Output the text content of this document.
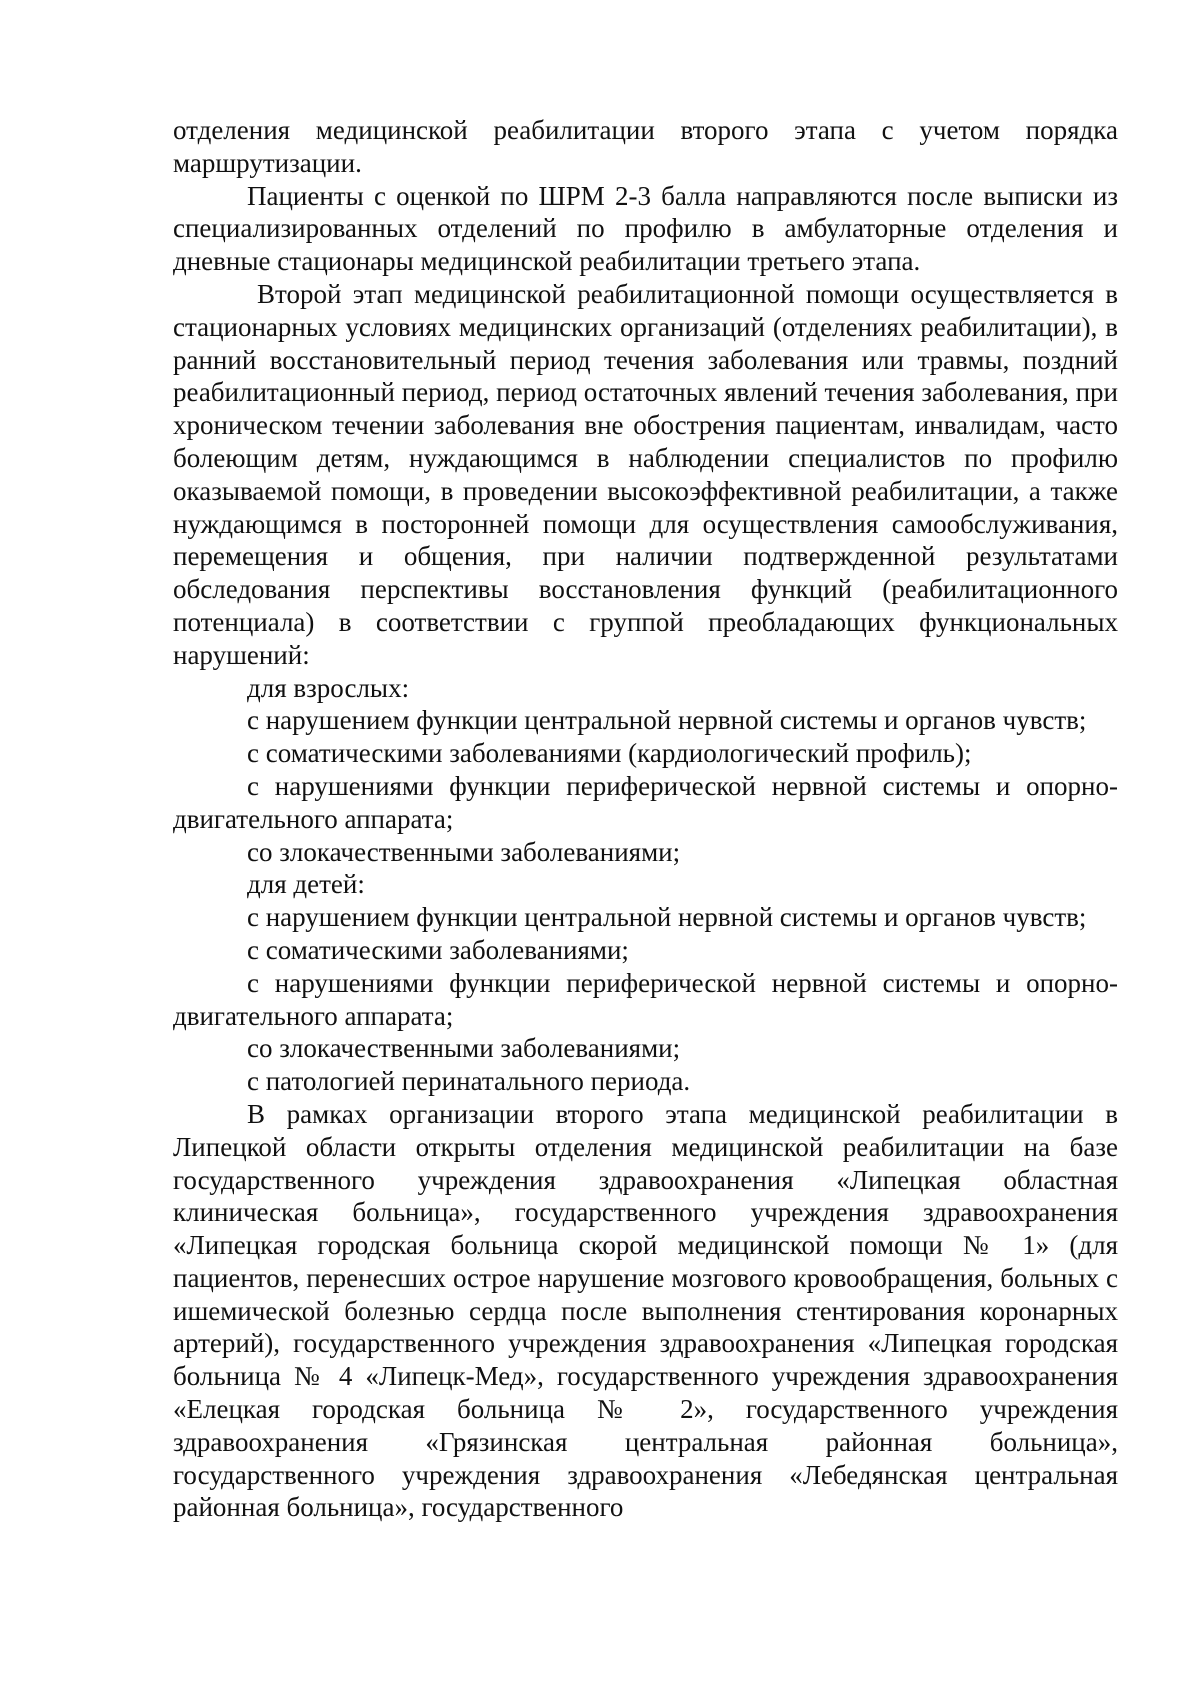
отделения медицинской реабилитации второго этапа с учетом порядка маршрутизации.

Пациенты с оценкой по ШРМ 2-3 балла направляются после выписки из специализированных отделений по профилю в амбулаторные отделения и дневные стационары медицинской реабилитации третьего этапа.

Второй этап медицинской реабилитационной помощи осуществляется в стационарных условиях медицинских организаций (отделениях реабилитации), в ранний восстановительный период течения заболевания или травмы, поздний реабилитационный период, период остаточных явлений течения заболевания, при хроническом течении заболевания вне обострения пациентам, инвалидам, часто болеющим детям, нуждающимся в наблюдении специалистов по профилю оказываемой помощи, в проведении высокоэффективной реабилитации, а также нуждающимся в посторонней помощи для осуществления самообслуживания, перемещения и общения, при наличии подтвержденной результатами обследования перспективы восстановления функций (реабилитационного потенциала) в соответствии с группой преобладающих функциональных нарушений:

для взрослых:

с нарушением функции центральной нервной системы и органов чувств;

с соматическими заболеваниями (кардиологический профиль);

с нарушениями функции периферической нервной системы и опорно-двигательного аппарата;

со злокачественными заболеваниями;

для детей:

с нарушением функции центральной нервной системы и органов чувств;

с соматическими заболеваниями;

с нарушениями функции периферической нервной системы и опорно-двигательного аппарата;

со злокачественными заболеваниями;

с патологией перинатального периода.

В рамках организации второго этапа медицинской реабилитации в Липецкой области открыты отделения медицинской реабилитации на базе государственного учреждения здравоохранения «Липецкая областная клиническая больница», государственного учреждения здравоохранения «Липецкая городская больница скорой медицинской помощи № 1» (для пациентов, перенесших острое нарушение мозгового кровообращения, больных с ишемической болезнью сердца после выполнения стентирования коронарных артерий), государственного учреждения здравоохранения «Липецкая городская больница № 4 «Липецк-Мед», государственного учреждения здравоохранения «Елецкая городская больница № 2», государственного учреждения здравоохранения «Грязинская центральная районная больница», государственного учреждения здравоохранения «Лебедянская центральная районная больница», государственного
